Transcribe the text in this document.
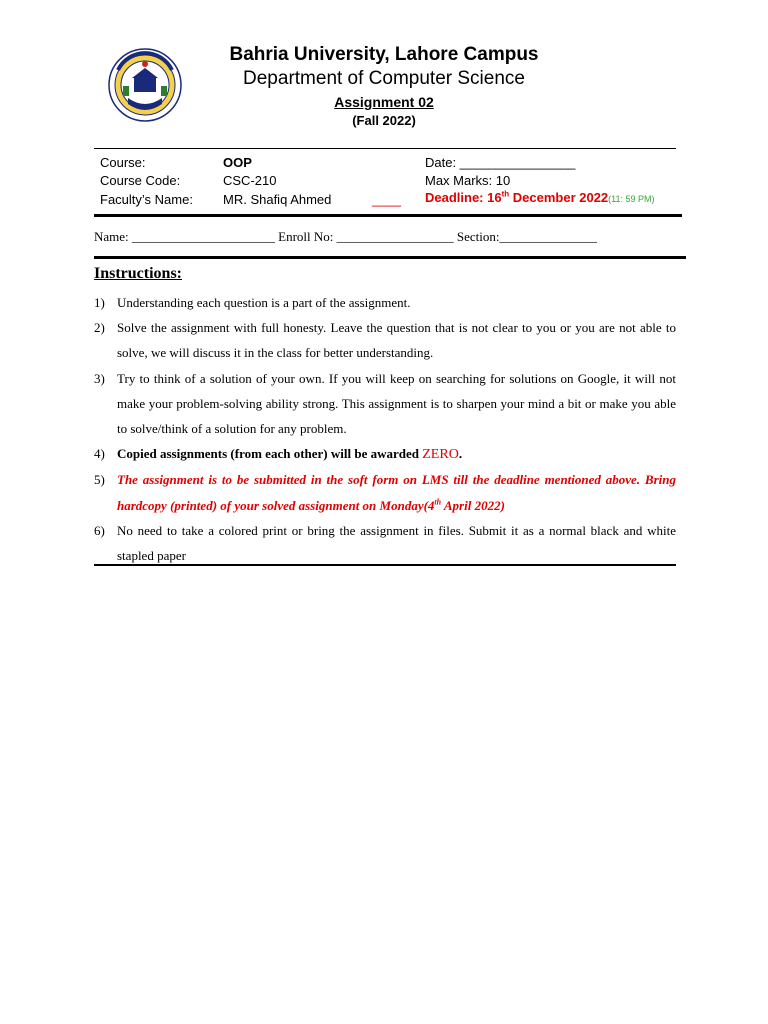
Bahria University, Lahore Campus
Department of Computer Science
Assignment 02
(Fall 2022)
Course:	OOP	Date: ________________
Course Code:	CSC-210	Max Marks: 10
Faculty’s Name: MR. Shafiq Ahmed	____ Deadline: 16th December 2022(11: 59 PM)
Name: ______________________ Enroll No: __________________ Section:_______________
Instructions:
1) Understanding each question is a part of the assignment.
2) Solve the assignment with full honesty. Leave the question that is not clear to you or you are not able to solve, we will discuss it in the class for better understanding.
3) Try to think of a solution of your own. If you will keep on searching for solutions on Google, it will not make your problem-solving ability strong. This assignment is to sharpen your mind a bit or make you able to solve/think of a solution for any problem.
4) Copied assignments (from each other) will be awarded ZERO.
5) The assignment is to be submitted in the soft form on LMS till the deadline mentioned above. Bring hardcopy (printed) of your solved assignment on Monday(4th April 2022)
6) No need to take a colored print or bring the assignment in files. Submit it as a normal black and white stapled paper
